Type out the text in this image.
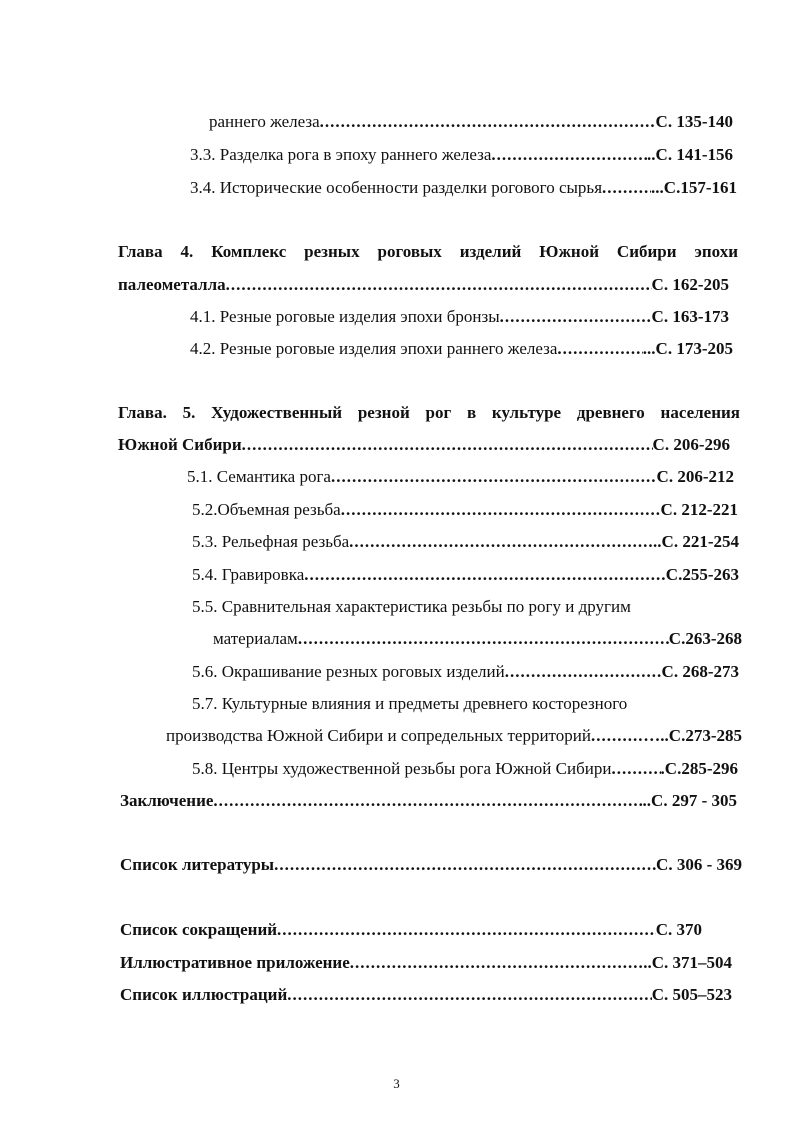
раннего железа .....	С. 135-140
3.3. Разделка рога в эпоху раннего железа .....	..С. 141-156
3.4. Исторические особенности разделки рогового сырья .....	...С.157-161
Глава 4. Комплекс резных роговых изделий Южной Сибири эпохи
палеометалла .....	С. 162-205
4.1. Резные роговые изделия эпохи бронзы .....	С. 163-173
4.2. Резные роговые изделия эпохи раннего железа .....	...С. 173-205
Глава. 5. Художественный резной рог в культуре древнего населения
Южной Сибири .....	С. 206-296
5.1. Семантика рога .....	С. 206-212
5.2.Объемная резьба .....	С. 212-221
5.3. Рельефная резьба .....	..С. 221-254
5.4. Гравировка .....	С.255-263
5.5. Сравнительная характеристика резьбы по рогу и другим
материалам .....	С.263-268
5.6. Окрашивание резных роговых изделий .....	С. 268-273
5.7. Культурные влияния и предметы древнего косторезного
производства Южной Сибири и сопредельных территорий .....	…..С.273-285
5.8. Центры художественной резьбы рога Южной Сибири .....	.С.285-296
Заключение .....	..С. 297 - 305
Список литературы .....	С. 306 - 369
Список сокращений .....	С. 370
Иллюстративное приложение .....	..С. 371–504
Список иллюстраций .....	С. 505–523
3
